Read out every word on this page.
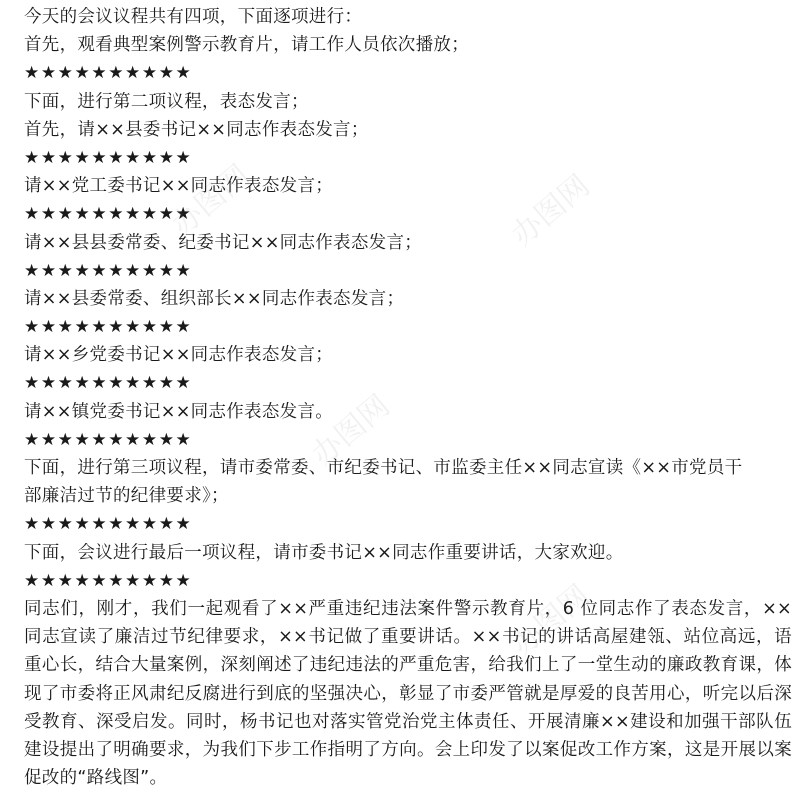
今天的会议议程共有四项，下面逐项进行：
首先，观看典型案例警示教育片，请工作人员依次播放；
★★★★★★★★★★
下面，进行第二项议程，表态发言；
首先，请××县委书记××同志作表态发言；
★★★★★★★★★★
请××党工委书记××同志作表态发言；
★★★★★★★★★★
请××县县委常委、纪委书记××同志作表态发言；
★★★★★★★★★★
请××县委常委、组织部长××同志作表态发言；
★★★★★★★★★★
请××乡党委书记××同志作表态发言；
★★★★★★★★★★
请××镇党委书记××同志作表态发言。
★★★★★★★★★★
下面，进行第三项议程，请市委常委、市纪委书记、市监委主任××同志宣读《××市党员干
部廉洁过节的纪律要求》；
★★★★★★★★★★
下面，会议进行最后一项议程，请市委书记××同志作重要讲话，大家欢迎。
★★★★★★★★★★
同志们，刚才，我们一起观看了××严重违纪违法案件警示教育片，6 位同志作了表态发言，××同志宣读了廉洁过节纪律要求，××书记做了重要讲话。××书记的讲话高屋建瓴、站位高远，语重心长，结合大量案例，深刻阐述了违纪违法的严重危害，给我们上了一堂生动的廉政教育课，体现了市委将正风肃纪反腐进行到底的坚强决心，彰显了市委严管就是厚爱的良苦用心，听完以后深受教育、深受启发。同时，杨书记也对落实管党治党主体责任、开展清廉××建设和加强干部队伍建设提出了明确要求，为我们下步工作指明了方向。会上印发了以案促改工作方案，这是开展以案促改的“路线图”。
办图网	办图网
办图网
办图网
